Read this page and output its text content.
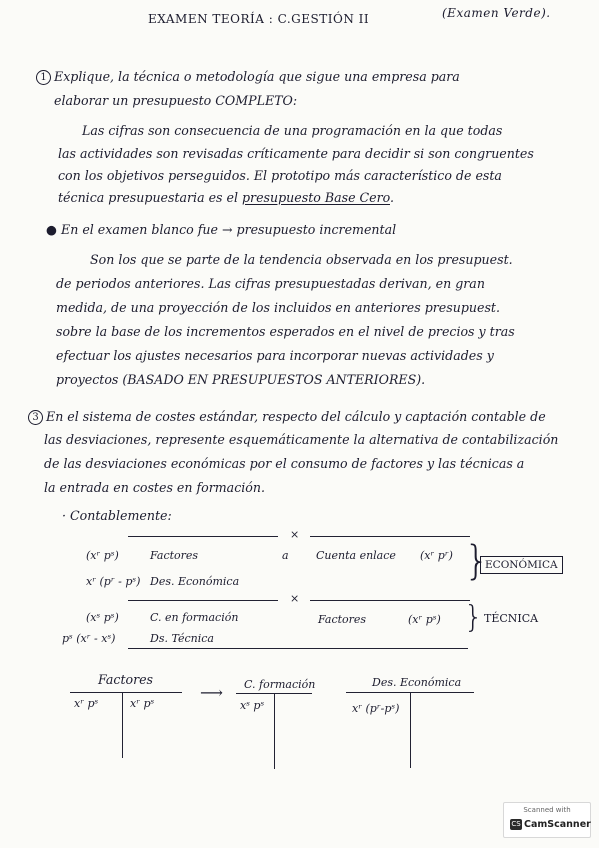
EXAMEN TEORÍA : C.GESTIÓN II	(Examen Verde).
1 Explique, la técnica o metodología que sigue una empresa para
elaborar un presupuesto COMPLETO:
Las cifras son consecuencia de una programación en la que todas
las actividades son revisadas críticamente para decidir si son congruentes
con los objetivos perseguidos. El prototipo más característico de esta
técnica presupuestaria es el presupuesto Base Cero.
● En el examen blanco fue → presupuesto incremental
Son los que se parte de la tendencia observada en los presupuest.
de periodos anteriores. Las cifras presupuestadas derivan, en gran
medida, de una proyección de los incluidos en anteriores presupuest.
sobre la base de los incrementos esperados en el nivel de precios y tras
efectuar los ajustes necesarios para incorporar nuevas actividades y
proyectos (BASADO EN PRESUPUESTOS ANTERIORES).
3 En el sistema de costes estándar, respecto del cálculo y captación contable de
las desviaciones, represente esquemáticamente la alternativa de contabilización
de las desviaciones económicas por el consumo de factores y las técnicas a
la entrada en costes en formación.
· Contablemente:
×
(xʳ pˢ)	Factores	a Cuenta enlace (xʳ pʳ)
xʳ (pʳ - pˢ) Des. Económica	}
ECONÓMICA
×
(xˢ pˢ)	C. en formación	Factores	(xʳ pˢ)
pˢ (xʳ - xˢ)	Ds. Técnica
} TÉCNICA
Factores
xʳ pˢ	xʳ pˢ
⟶ C. formación
xˢ pˢ
Des. Económica
xʳ (pʳ-pˢ)
Scanned with
CS CamScanner
